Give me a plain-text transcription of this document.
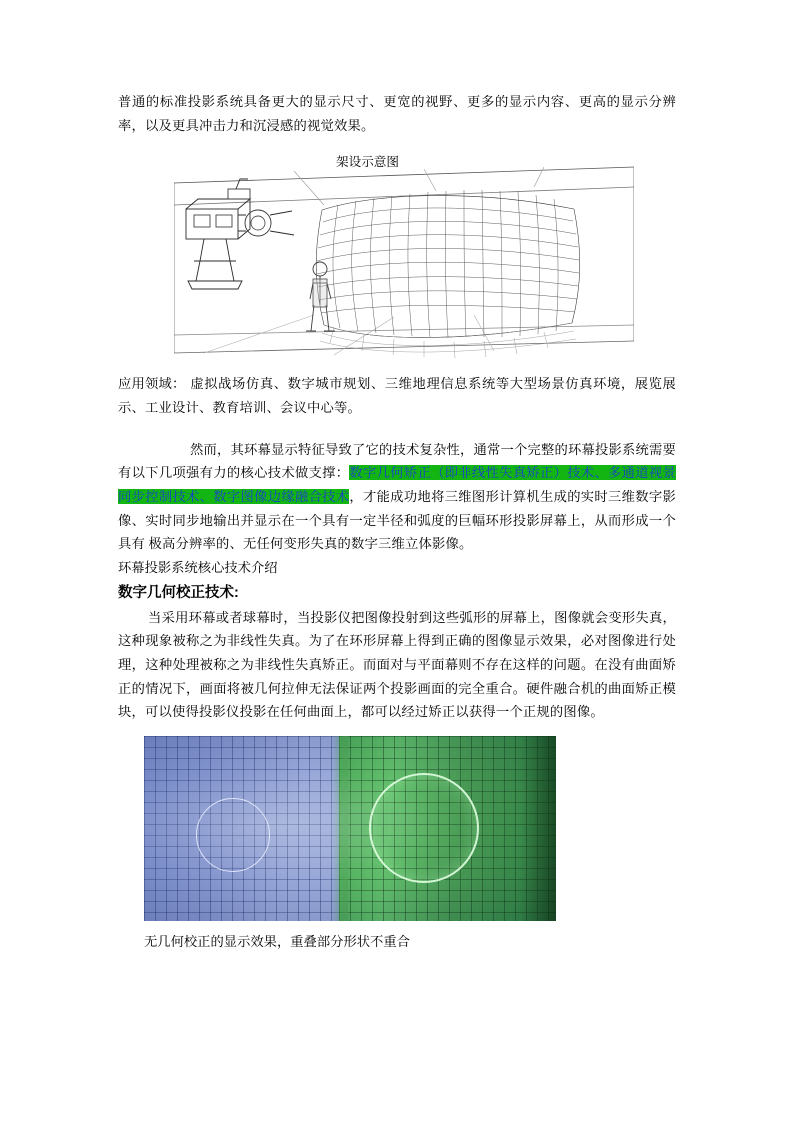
普通的标准投影系统具备更大的显示尺寸、更宽的视野、更多的显示内容、更高的显示分辨率，以及更具冲击力和沉浸感的视觉效果。

架设示意图

应用领域： 虚拟战场仿真、数字城市规划、三维地理信息系统等大型场景仿真环境，展览展示、工业设计、教育培训、会议中心等。

然而，其环幕显示特征导致了它的技术复杂性，通常一个完整的环幕投影系统需要有以下几项强有力的核心技术做支撑：数字几何矫正（即非线性失真矫正）技术、多通道视景同步控制技术、数字图像边缘融合技术，才能成功地将三维图形计算机生成的实时三维数字影像、实时同步地输出并显示在一个具有一定半径和弧度的巨幅环形投影屏幕上，从而形成一个具有 极高分辨率的、无任何变形失真的数字三维立体影像。

环幕投影系统核心技术介绍

数字几何校正技术:

当采用环幕或者球幕时，当投影仪把图像投射到这些弧形的屏幕上，图像就会变形失真，这种现象被称之为非线性失真。为了在环形屏幕上得到正确的图像显示效果，必对图像进行处理，这种处理被称之为非线性失真矫正。而面对与平面幕则不存在这样的问题。在没有曲面矫正的情况下，画面将被几何拉伸无法保证两个投影画面的完全重合。硬件融合机的曲面矫正模块，可以使得投影仪投影在任何曲面上，都可以经过矫正以获得一个正规的图像。

无几何校正的显示效果，重叠部分形状不重合
